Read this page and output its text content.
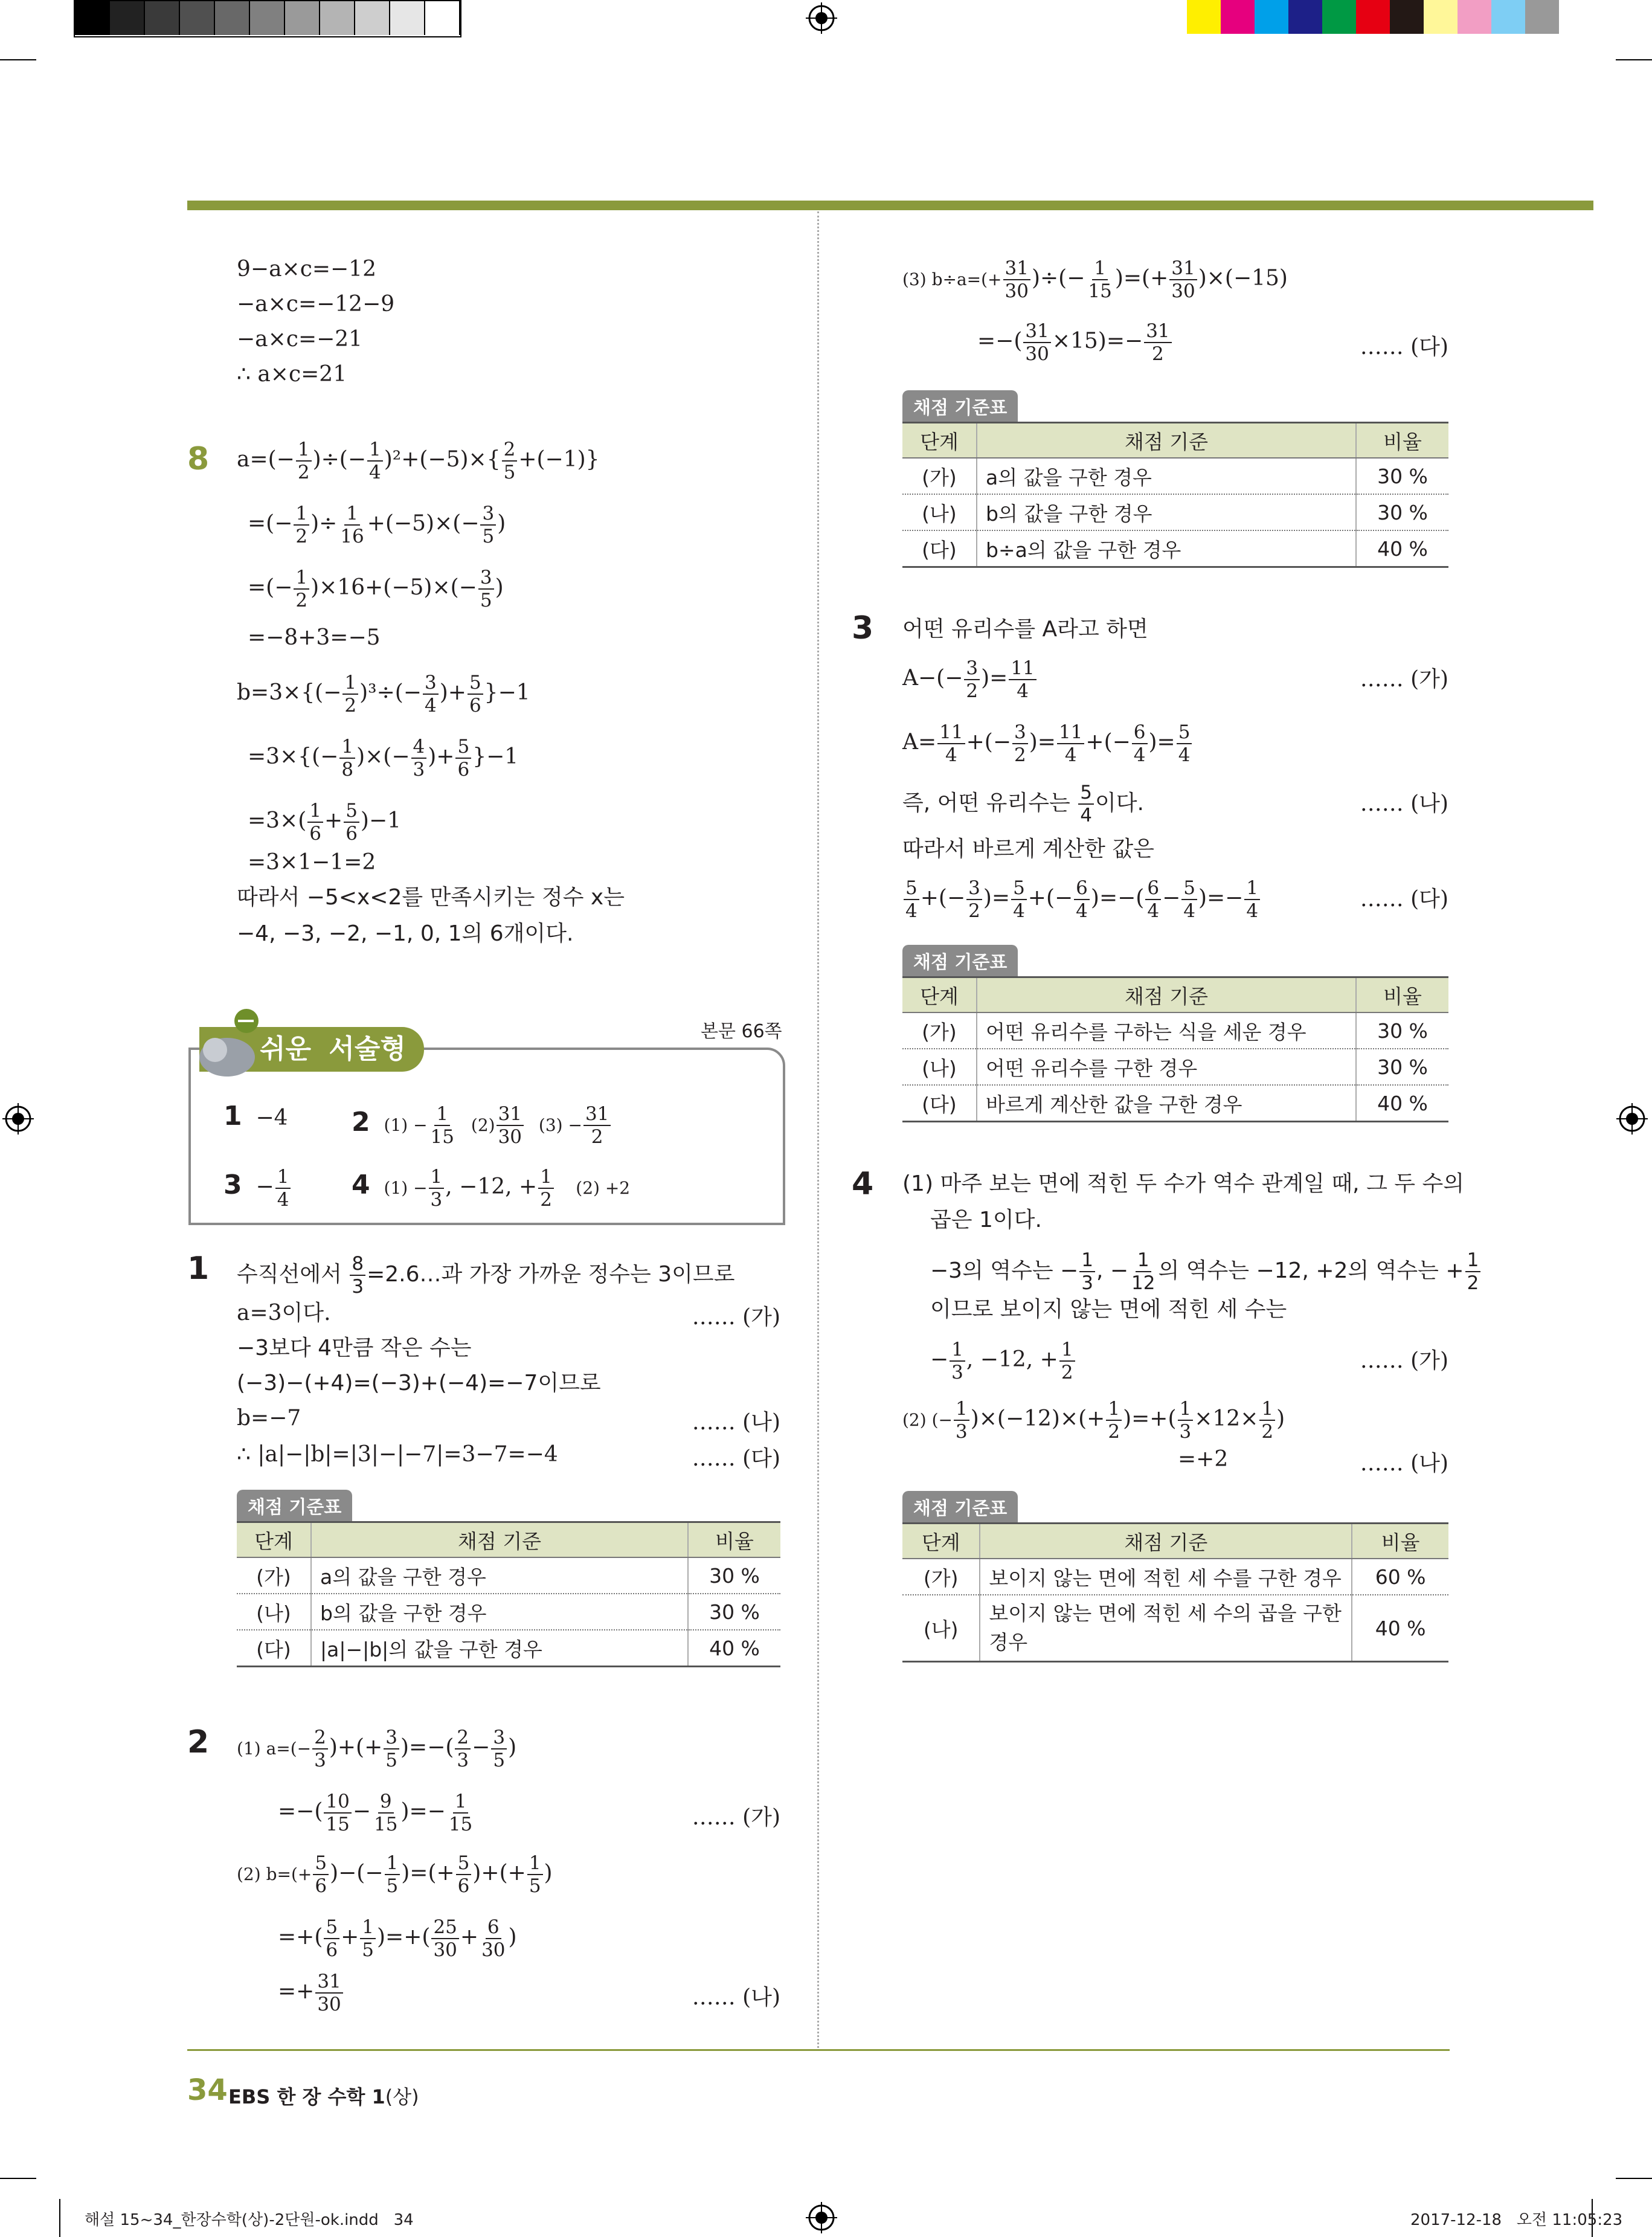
9−a×c=−12
−a×c=−12−9
−a×c=−21
∴ a×c=21
8 $a=(- \frac{1}{2}$ )÷(− $\frac{1}{4} )^2+(-5)\times\{ \frac{2}{5} +(-1)\}$
=(− $\frac{1}{2}$ )÷ $\frac{1}{16} +(-5)\times(- \frac{3}{5}$ )
=(− $\frac{1}{2} )\times 16+(-5)\times(- \frac{3}{5}$ )
=−8+3=−5
$b=3\times\{(- \frac{1}{2} )^3\div(- \frac{3}{4}$ )+ $\frac{5}{6} \}-1$
$=3\times\{(- \frac{1}{8}$ )×(− $\frac{4}{3}$ )+ $\frac{5}{6} \}-1$
$=3\times( \frac{1}{6} + \frac{5}{6} )-1$
=3×1−1=2
따라서 −5<x<2를 만족시키는 정수 x는
−4, −3, −2, −1, 0, 1의 6개이다.
쉬운 서술형
본문 66쪽
1 −4 2 $(1) - \frac{1}{15} (2) \frac{31}{30} (3) - \frac{31}{2}$
$3 - \frac{1}{4} 4$ $(1) - \frac{1}{3}$ , −12, + $\frac{1}{2} (2) +2$
1 수직선에서 $\frac{8}{3}$ =2.6…과 가장 가까운 정수는 3이므로
a=3이다.	…… (가)
−3보다 4만큼 작은 수는
(−3)−(+4)=(−3)+(−4)=−7이므로
b=−7	…… (나)
∴ |a|−|b|=|3|−|−7|=3−7=−4	…… (다)
채점 기준표
단계	채점 기준	비율
(가)	a의 값을 구한 경우	30 %
(나)	b의 값을 구한 경우	30 %
(다)	|a|−|b|의 값을 구한 경우	40 %
2 (1) $a=(- \frac{2}{3}$ )+(+ $\frac{3}{5}$ )=−( $\frac{2}{3} - \frac{3}{5}$ )
=−( $\frac{10}{15} - \frac{9}{15}$ )=− $\frac{1}{15}$	…… (가)
(2) $b=(+ \frac{5}{6}$ )−(− $\frac{1}{5}$ )=(+ $\frac{5}{6}$ )+(+ $\frac{1}{5}$ )
=+( $\frac{5}{6} + \frac{1}{5}$ )=+( $\frac{25}{30} + \frac{6}{30}$ )
=+ $\frac{31}{30}$	…… (나)
(3) $b\div a=(+ \frac{31}{30}$ )÷(− $\frac{1}{15}$ )=(+ $\frac{31}{30} )\times(-15)$
=−( $\frac{31}{30} \times 15)=- \frac{31}{2}$	…… (다)
채점 기준표
단계	채점 기준	비율
(가)	a의 값을 구한 경우	30 %
(나)	b의 값을 구한 경우	30 %
(다)	b÷a의 값을 구한 경우	40 %
3 어떤 유리수를 A라고 하면
$A-(- \frac{3}{2}$ )= $\frac{11}{4}$	…… (가)
$A= \frac{11}{4}$ +(− $\frac{3}{2}$ )= $\frac{11}{4}$ +(− $\frac{6}{4}$ )= $\frac{5}{4}$
즉, 어떤 유리수는 $\frac{5}{4}$ 이다.	…… (나)
따라서 바르게 계산한 값은
$\frac{5}{4}$ +(− $\frac{3}{2}$ )= $\frac{5}{4}$ +(− $\frac{6}{4}$ )=−( $\frac{6}{4} - \frac{5}{4}$ )=− $\frac{1}{4}$	…… (다)
채점 기준표
단계	채점 기준	비율
(가)	어떤 유리수를 구하는 식을 세운 경우	30 %
(나)	어떤 유리수를 구한 경우	30 %
(다)	바르게 계산한 값을 구한 경우	40 %
4 (1) 마주 보는 면에 적힌 두 수가 역수 관계일 때, 그 두 수의
곱은 1이다.
−3의 역수는 − $\frac{1}{3}$ , − $\frac{1}{12}$ 의 역수는 −12, +2의 역수는 + $\frac{1}{2}$
이므로 보이지 않는 면에 적힌 세 수는
− $\frac{1}{3}$ , −12, + $\frac{1}{2}$	…… (가)
(2) (− $\frac{1}{3} )\times(-12)\times(+ \frac{1}{2}$ )=+( $\frac{1}{3} \times 12\times \frac{1}{2}$ )
=+2	…… (나)
채점 기준표
단계	채점 기준	비율
(가)	보이지 않는 면에 적힌 세 수를 구한 경우	60 %
(나)	보이지 않는 면에 적힌 세 수의 곱을 구한 경우	40 %
34 EBS 한 장 수학 1(상)
해설 15~34_한장수학(상)-2단원-ok.indd   34	2017-12-18   오전 11:05:23
